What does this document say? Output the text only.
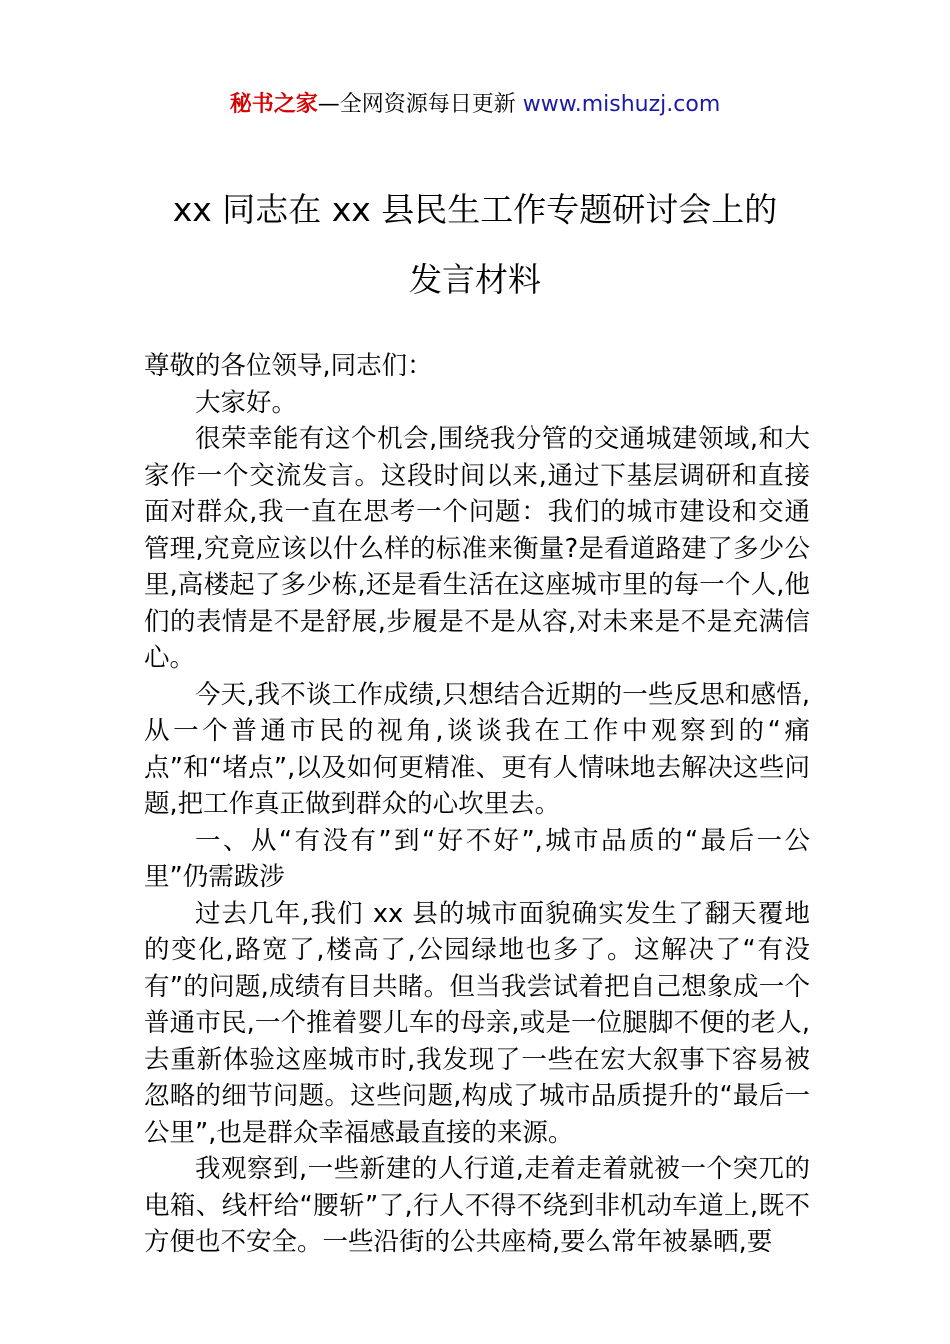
秘书之家—全网资源每日更新 www.mishuzj.com
xx 同志在 xx 县民生工作专题研讨会上的
发言材料

尊敬的各位领导,同志们：

大家好。

很荣幸能有这个机会,围绕我分管的交通城建领域,和大家作一个交流发言。这段时间以来,通过下基层调研和直接面对群众,我一直在思考一个问题：我们的城市建设和交通管理,究竟应该以什么样的标准来衡量?是看道路建了多少公里,高楼起了多少栋,还是看生活在这座城市里的每一个人,他们的表情是不是舒展,步履是不是从容,对未来是不是充满信心。

今天,我不谈工作成绩,只想结合近期的一些反思和感悟,从一个普通市民的视角,谈谈我在工作中观察到的“痛点”和“堵点”,以及如何更精准、更有人情味地去解决这些问题,把工作真正做到群众的心坎里去。

一、从“有没有”到“好不好”,城市品质的“最后一公里”仍需跋涉

过去几年,我们 xx 县的城市面貌确实发生了翻天覆地的变化,路宽了,楼高了,公园绿地也多了。这解决了“有没有”的问题,成绩有目共睹。但当我尝试着把自己想象成一个普通市民,一个推着婴儿车的母亲,或是一位腿脚不便的老人,去重新体验这座城市时,我发现了一些在宏大叙事下容易被忽略的细节问题。这些问题,构成了城市品质提升的“最后一公里”,也是群众幸福感最直接的来源。

我观察到,一些新建的人行道,走着走着就被一个突兀的电箱、线杆给“腰斩”了,行人不得不绕到非机动车道上,既不方便也不安全。一些沿街的公共座椅,要么常年被暴晒,要
